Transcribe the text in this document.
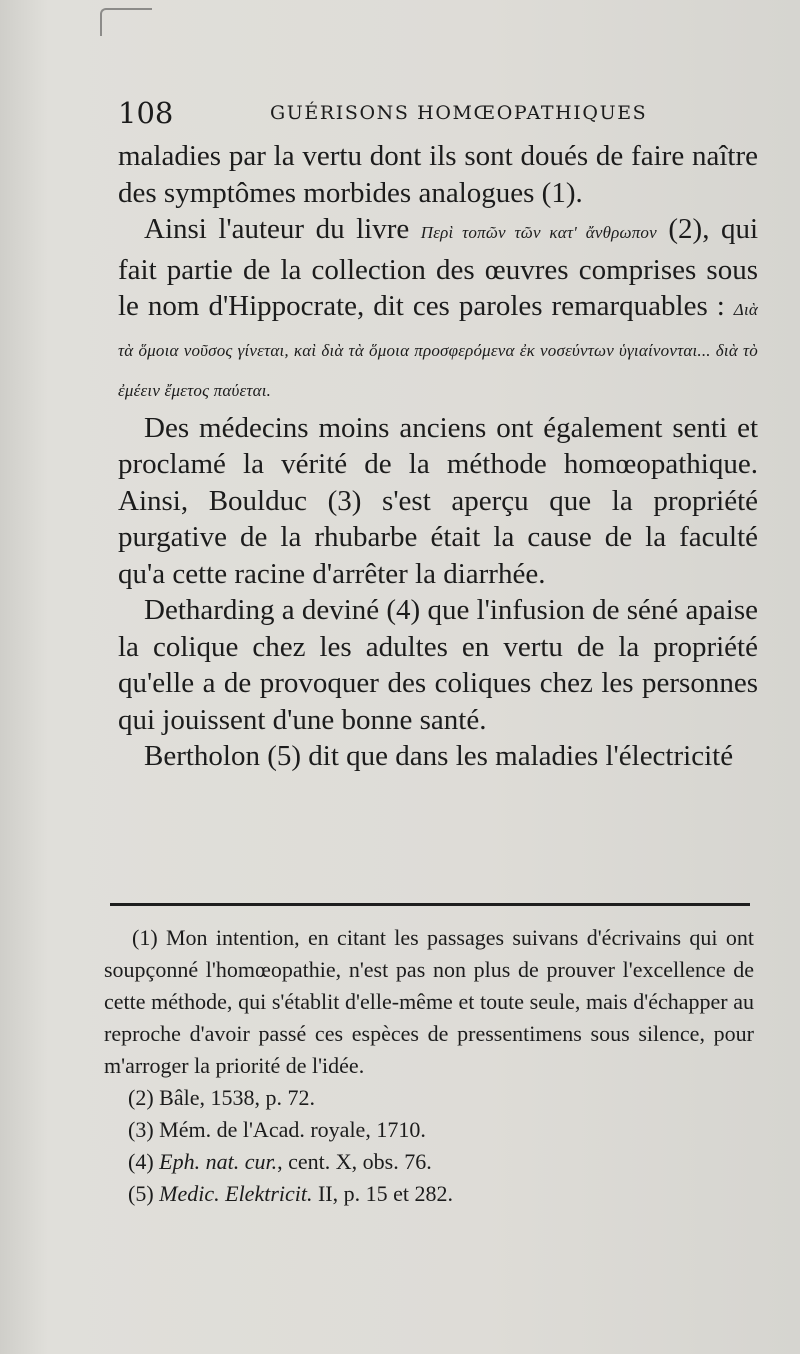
108	GUÉRISONS HOMŒOPATHIQUES

maladies par la vertu dont ils sont doués de faire naître des symptômes morbides analogues (1).

Ainsi l'auteur du livre Περὶ τοπῶν τῶν κατ' ἄνθρωπον (2), qui fait partie de la collection des œuvres comprises sous le nom d'Hippocrate, dit ces paroles remarquables : Διὰ τὰ ὅμοια νοῦσος γίνεται, καὶ διὰ τὰ ὅμοια προσφερόμενα ἐκ νοσεύντων ὑγιαίνονται... διὰ τὸ ἐμέειν ἔμετος παύεται.

Des médecins moins anciens ont également senti et proclamé la vérité de la méthode homœopathique. Ainsi, Boulduc (3) s'est aperçu que la propriété purgative de la rhubarbe était la cause de la faculté qu'a cette racine d'arrêter la diarrhée.

Detharding a deviné (4) que l'infusion de séné apaise la colique chez les adultes en vertu de la propriété qu'elle a de provoquer des coliques chez les personnes qui jouissent d'une bonne santé.

Bertholon (5) dit que dans les maladies l'électricité

(1) Mon intention, en citant les passages suivans d'écrivains qui ont soupçonné l'homœopathie, n'est pas non plus de prouver l'excellence de cette méthode, qui s'établit d'elle-même et toute seule, mais d'échapper au reproche d'avoir passé ces espèces de pressentimens sous silence, pour m'arroger la priorité de l'idée.

(2) Bâle, 1538, p. 72.

(3) Mém. de l'Acad. royale, 1710.

(4) Eph. nat. cur., cent. X, obs. 76.

(5) Medic. Elektricit. II, p. 15 et 282.
